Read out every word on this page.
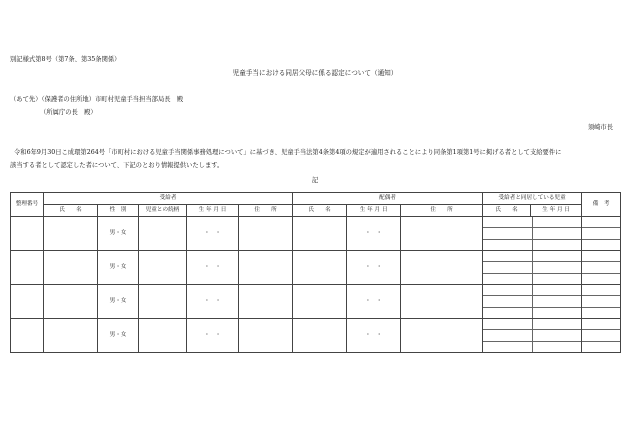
別記様式第8号（第7条、第35条関係）
児童手当における同居父母に係る認定について（通知）
（あて先）（保護者の住所地）市町村児童手当担当部局長　殿
（所属庁の長　殿）
須崎市長
令和6年9月30日こ成環第264号「市町村における児童手当関係事務処理について」に基づき、児童手当法第4条第4項の規定が適用されることにより同条第1項第1号に掲げる者として支給要件に
該当する者として認定した者について、下記のとおり情報提供いたします。
記
整理番号	受給者					配偶者			受給者と同居している児童		備　考
	氏　　名	性　別	児童との続柄	生 年 月 日	住　　所	氏　　名	生 年 月 日	住　　所	氏　　名	生 年 月 日	
		男・女		・　・			・　・			

		男・女		・　・			・　・			

		男・女		・　・			・　・			

		男・女		・　・			・　・			
